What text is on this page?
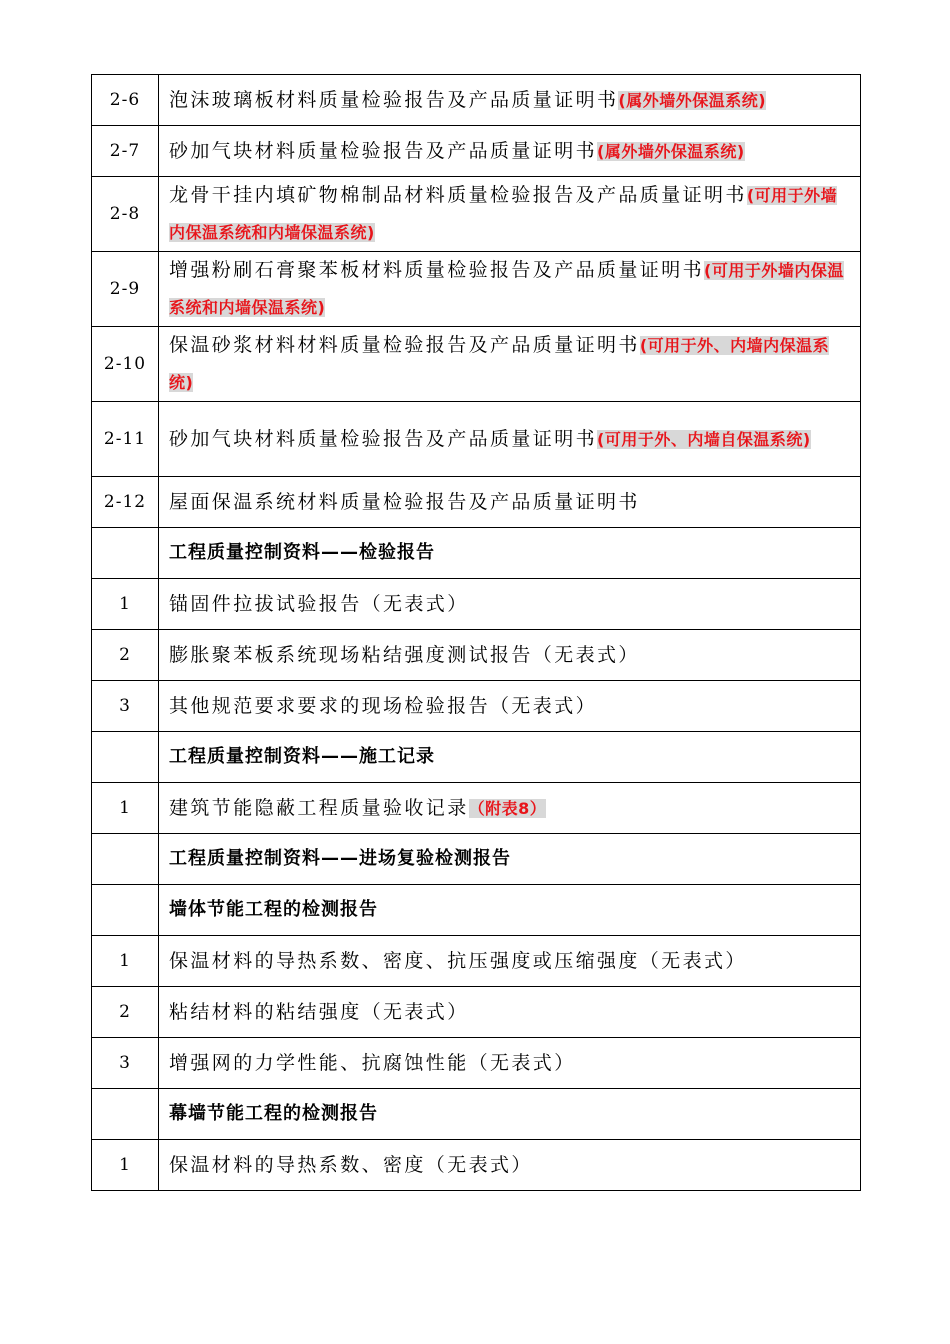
2-6	泡沫玻璃板材料质量检验报告及产品质量证明书(属外墙外保温系统)
2-7	砂加气块材料质量检验报告及产品质量证明书(属外墙外保温系统)
2-8	龙骨干挂内填矿物棉制品材料质量检验报告及产品质量证明书(可用于外墙内保温系统和内墙保温系统)
2-9	增强粉刷石膏聚苯板材料质量检验报告及产品质量证明书(可用于外墙内保温系统和内墙保温系统)
2-10	保温砂浆材料材料质量检验报告及产品质量证明书(可用于外、内墙内保温系统)
2-11	砂加气块材料质量检验报告及产品质量证明书(可用于外、内墙自保温系统)
2-12	屋面保温系统材料质量检验报告及产品质量证明书
	工程质量控制资料——检验报告
1	锚固件拉拔试验报告（无表式）
2	膨胀聚苯板系统现场粘结强度测试报告（无表式）
3	其他规范要求要求的现场检验报告（无表式）
	工程质量控制资料——施工记录
1	建筑节能隐蔽工程质量验收记录（附表8）
	工程质量控制资料——进场复验检测报告
	墙体节能工程的检测报告
1	保温材料的导热系数、密度、抗压强度或压缩强度（无表式）
2	粘结材料的粘结强度（无表式）
3	增强网的力学性能、抗腐蚀性能（无表式）
	幕墙节能工程的检测报告
1	保温材料的导热系数、密度（无表式）
